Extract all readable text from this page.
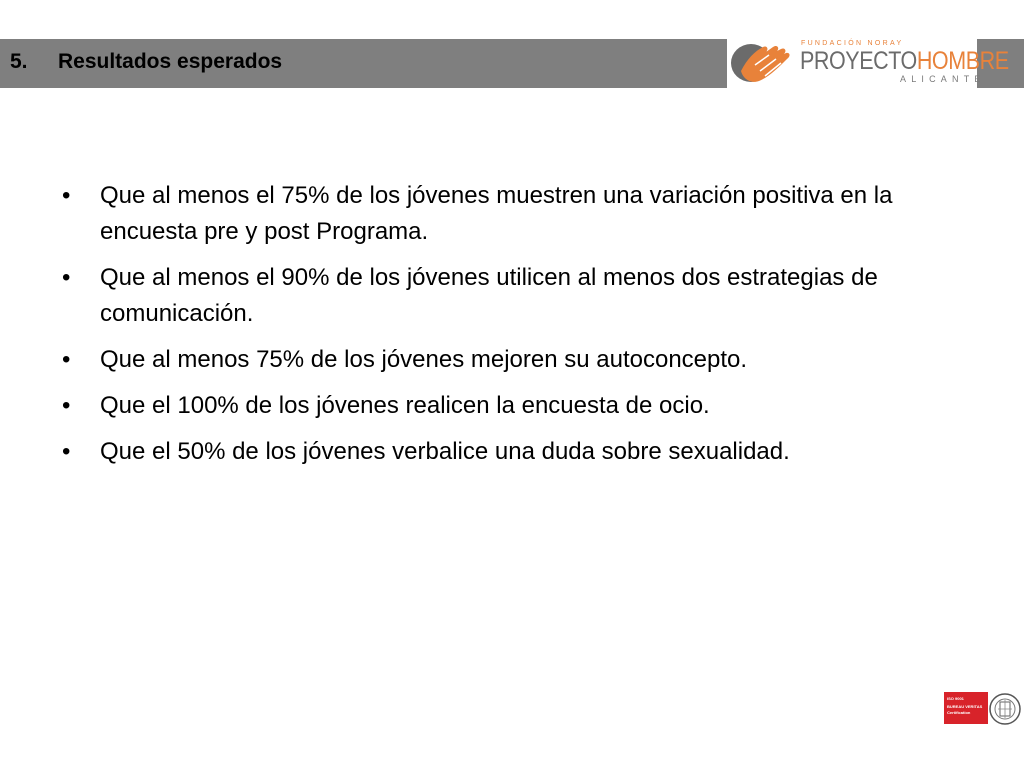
5. Resultados esperados
FUNDACIÓN NORAY
PROYECTOHOMBRE
ALICANTE
• Que al menos el 75% de los jóvenes muestren una variación positiva en la encuesta pre y post Programa.
• Que al menos el 90% de los jóvenes utilicen al menos dos estrategias de comunicación.
• Que al menos 75% de los jóvenes mejoren su autoconcepto.
• Que el 100% de los jóvenes realicen la encuesta de ocio.
• Que el 50% de los jóvenes verbalice una duda sobre sexualidad.
ISO 9001
BUREAU VERITAS
Certification
